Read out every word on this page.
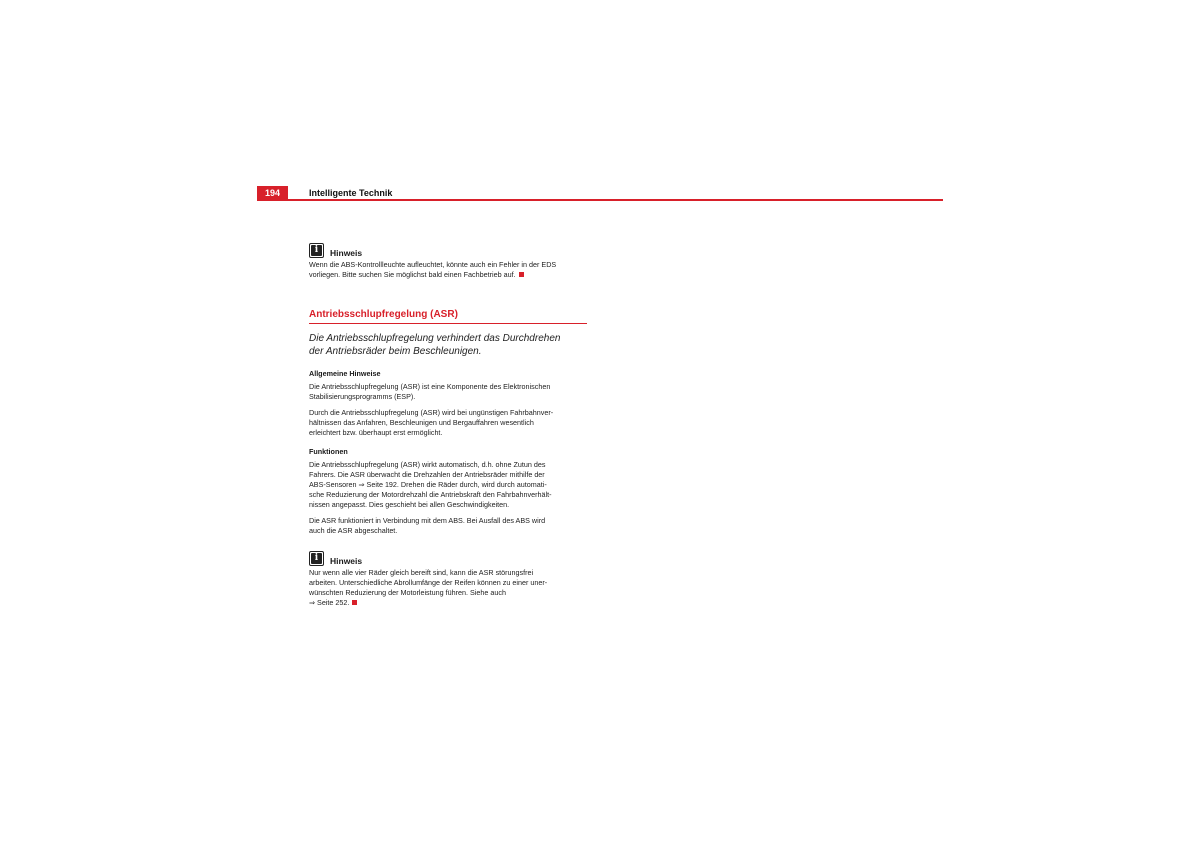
194	Intelligente Technik
i	Hinweis

Wenn die ABS-Kontrollleuchte aufleuchtet, könnte auch ein Fehler in der EDS
vorliegen. Bitte suchen Sie möglichst bald einen Fachbetrieb auf.

Antriebsschlupfregelung (ASR)
Die Antriebsschlupfregelung verhindert das Durchdrehen
der Antriebsräder beim Beschleunigen.
Allgemeine Hinweise

Die Antriebsschlupfregelung (ASR) ist eine Komponente des Elektronischen
Stabilisierungsprogramms (ESP).

Durch die Antriebsschlupfregelung (ASR) wird bei ungünstigen Fahrbahnver-
hältnissen das Anfahren, Beschleunigen und Bergauffahren wesentlich
erleichtert bzw. überhaupt erst ermöglicht.

Funktionen

Die Antriebsschlupfregelung (ASR) wirkt automatisch, d.h. ohne Zutun des
Fahrers. Die ASR überwacht die Drehzahlen der Antriebsräder mithilfe der
ABS-Sensoren ⇒ Seite 192. Drehen die Räder durch, wird durch automati-
sche Reduzierung der Motordrehzahl die Antriebskraft den Fahrbahnverhält-
nissen angepasst. Dies geschieht bei allen Geschwindigkeiten.

Die ASR funktioniert in Verbindung mit dem ABS. Bei Ausfall des ABS wird
auch die ASR abgeschaltet.

i	Hinweis

Nur wenn alle vier Räder gleich bereift sind, kann die ASR störungsfrei
arbeiten. Unterschiedliche Abrollumfänge der Reifen können zu einer uner-
wünschten Reduzierung der Motorleistung führen. Siehe auch
⇒ Seite 252.
